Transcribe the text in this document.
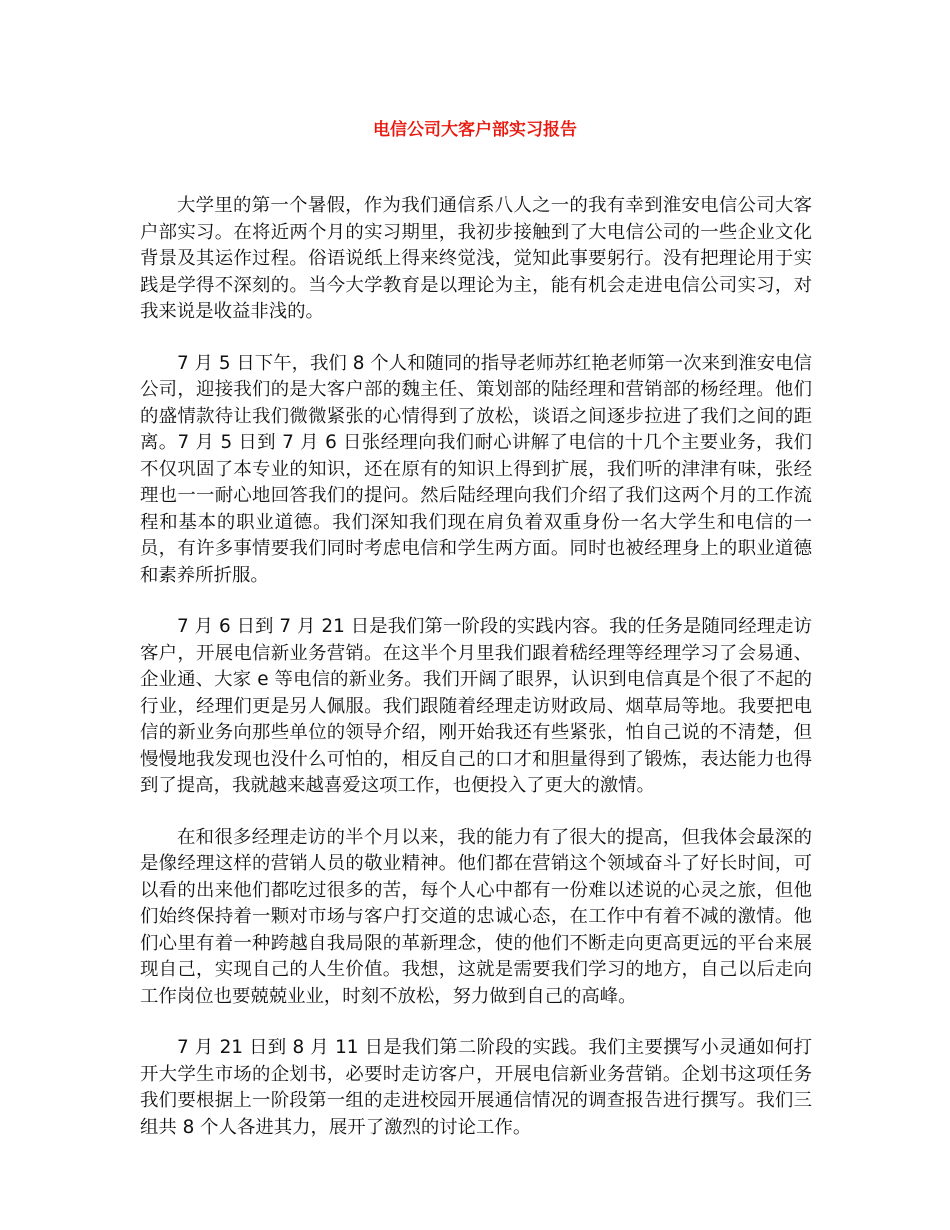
电信公司大客户部实习报告

大学里的第一个暑假，作为我们通信系八人之一的我有幸到淮安电信公司大客户部实习。在将近两个月的实习期里，我初步接触到了大电信公司的一些企业文化背景及其运作过程。俗语说纸上得来终觉浅，觉知此事要躬行。没有把理论用于实践是学得不深刻的。当今大学教育是以理论为主，能有机会走进电信公司实习，对我来说是收益非浅的。

7 月 5 日下午，我们 8 个人和随同的指导老师苏红艳老师第一次来到淮安电信公司，迎接我们的是大客户部的魏主任、策划部的陆经理和营销部的杨经理。他们的盛情款待让我们微微紧张的心情得到了放松，谈语之间逐步拉进了我们之间的距离。7 月 5 日到 7 月 6 日张经理向我们耐心讲解了电信的十几个主要业务，我们不仅巩固了本专业的知识，还在原有的知识上得到扩展，我们听的津津有味，张经理也一一耐心地回答我们的提问。然后陆经理向我们介绍了我们这两个月的工作流程和基本的职业道德。我们深知我们现在肩负着双重身份一名大学生和电信的一员，有许多事情要我们同时考虑电信和学生两方面。同时也被经理身上的职业道德和素养所折服。

7 月 6 日到 7 月 21 日是我们第一阶段的实践内容。我的任务是随同经理走访客户，开展电信新业务营销。在这半个月里我们跟着嵇经理等经理学习了会易通、企业通、大家 e 等电信的新业务。我们开阔了眼界，认识到电信真是个很了不起的行业，经理们更是另人佩服。我们跟随着经理走访财政局、烟草局等地。我要把电信的新业务向那些单位的领导介绍，刚开始我还有些紧张，怕自己说的不清楚，但慢慢地我发现也没什么可怕的，相反自己的口才和胆量得到了锻炼，表达能力也得到了提高，我就越来越喜爱这项工作，也便投入了更大的激情。

在和很多经理走访的半个月以来，我的能力有了很大的提高，但我体会最深的是像经理这样的营销人员的敬业精神。他们都在营销这个领域奋斗了好长时间，可以看的出来他们都吃过很多的苦，每个人心中都有一份难以述说的心灵之旅，但他们始终保持着一颗对市场与客户打交道的忠诚心态，在工作中有着不减的激情。他们心里有着一种跨越自我局限的革新理念，使的他们不断走向更高更远的平台来展现自己，实现自己的人生价值。我想，这就是需要我们学习的地方，自己以后走向工作岗位也要兢兢业业，时刻不放松，努力做到自己的高峰。

7 月 21 日到 8 月 11 日是我们第二阶段的实践。我们主要撰写小灵通如何打开大学生市场的企划书，必要时走访客户，开展电信新业务营销。企划书这项任务我们要根据上一阶段第一组的走进校园开展通信情况的调查报告进行撰写。我们三组共 8 个人各进其力，展开了激烈的讨论工作。
